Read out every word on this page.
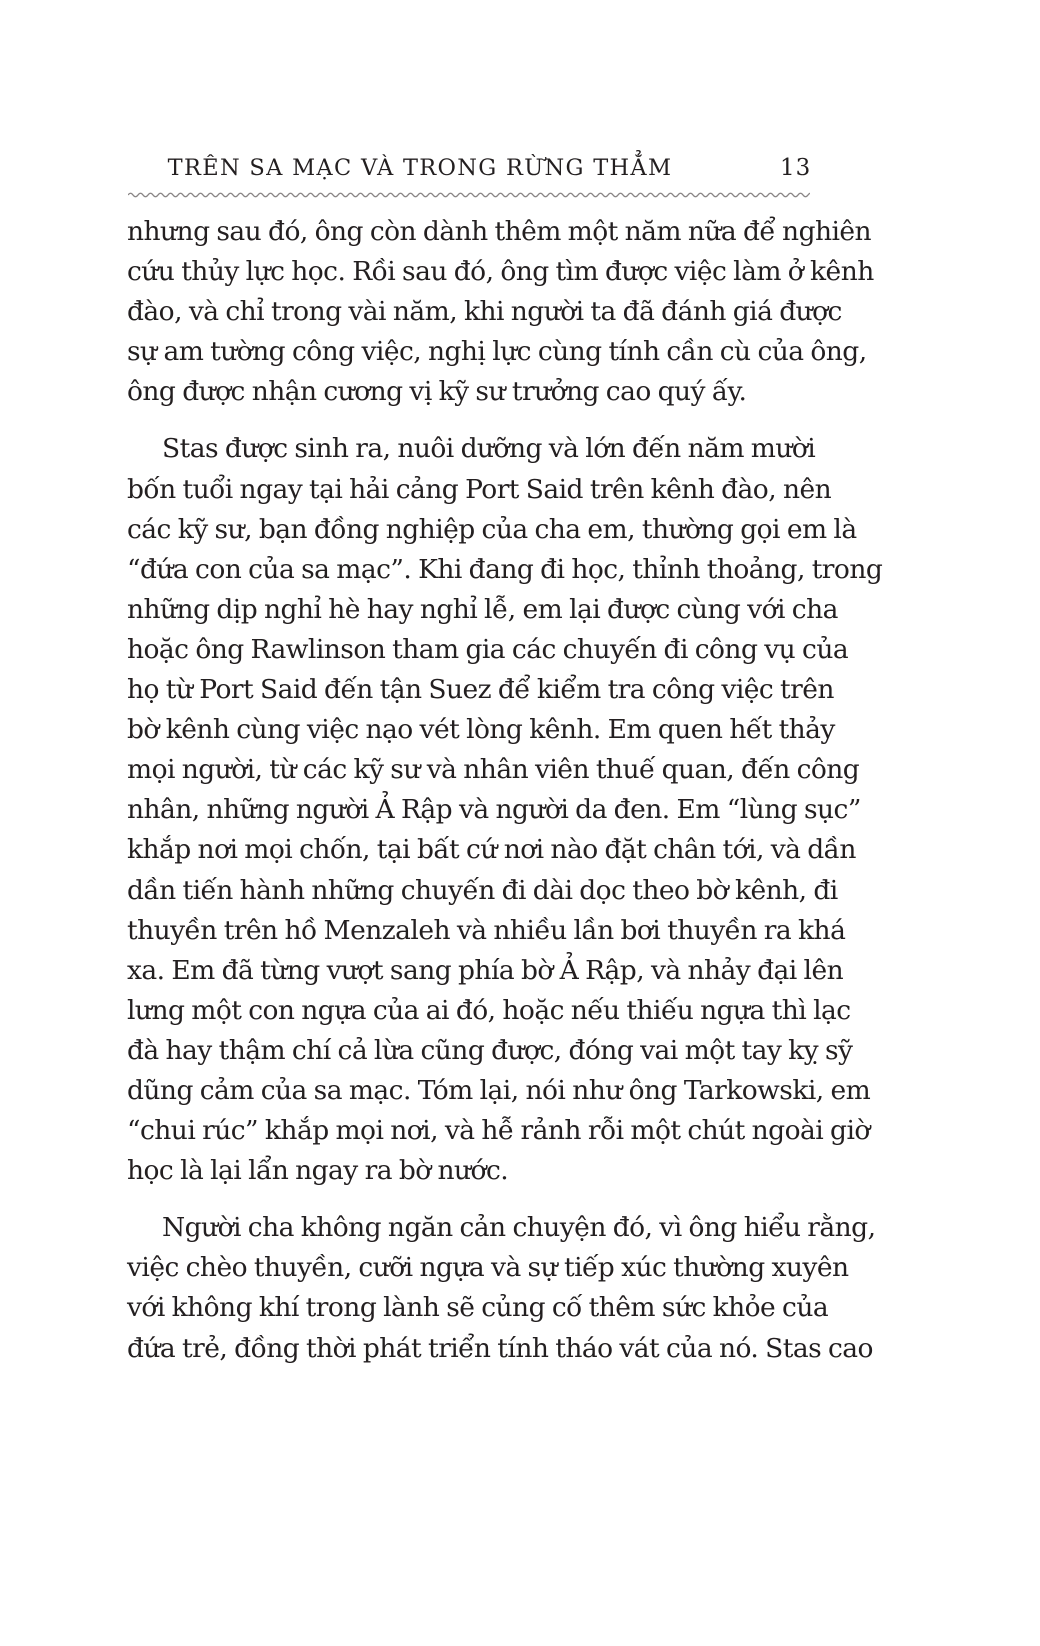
TRÊN SA MẠC VÀ TRONG RỪNG THẲM	13

nhưng sau đó, ông còn dành thêm một năm nữa để nghiên
cứu thủy lực học. Rồi sau đó, ông tìm được việc làm ở kênh
đào, và chỉ trong vài năm, khi người ta đã đánh giá được
sự am tường công việc, nghị lực cùng tính cần cù của ông,
ông được nhận cương vị kỹ sư trưởng cao quý ấy.

Stas được sinh ra, nuôi dưỡng và lớn đến năm mười
bốn tuổi ngay tại hải cảng Port Said trên kênh đào, nên
các kỹ sư, bạn đồng nghiệp của cha em, thường gọi em là
“đứa con của sa mạc”. Khi đang đi học, thỉnh thoảng, trong
những dịp nghỉ hè hay nghỉ lễ, em lại được cùng với cha
hoặc ông Rawlinson tham gia các chuyến đi công vụ của
họ từ Port Said đến tận Suez để kiểm tra công việc trên
bờ kênh cùng việc nạo vét lòng kênh. Em quen hết thảy
mọi người, từ các kỹ sư và nhân viên thuế quan, đến công
nhân, những người Ả Rập và người da đen. Em “lùng sục”
khắp nơi mọi chốn, tại bất cứ nơi nào đặt chân tới, và dần
dần tiến hành những chuyến đi dài dọc theo bờ kênh, đi
thuyền trên hồ Menzaleh và nhiều lần bơi thuyền ra khá
xa. Em đã từng vượt sang phía bờ Ả Rập, và nhảy đại lên
lưng một con ngựa của ai đó, hoặc nếu thiếu ngựa thì lạc
đà hay thậm chí cả lừa cũng được, đóng vai một tay kỵ sỹ
dũng cảm của sa mạc. Tóm lại, nói như ông Tarkowski, em
“chui rúc” khắp mọi nơi, và hễ rảnh rỗi một chút ngoài giờ
học là lại lẩn ngay ra bờ nước.

Người cha không ngăn cản chuyện đó, vì ông hiểu rằng,
việc chèo thuyền, cưỡi ngựa và sự tiếp xúc thường xuyên
với không khí trong lành sẽ củng cố thêm sức khỏe của
đứa trẻ, đồng thời phát triển tính tháo vát của nó. Stas cao
